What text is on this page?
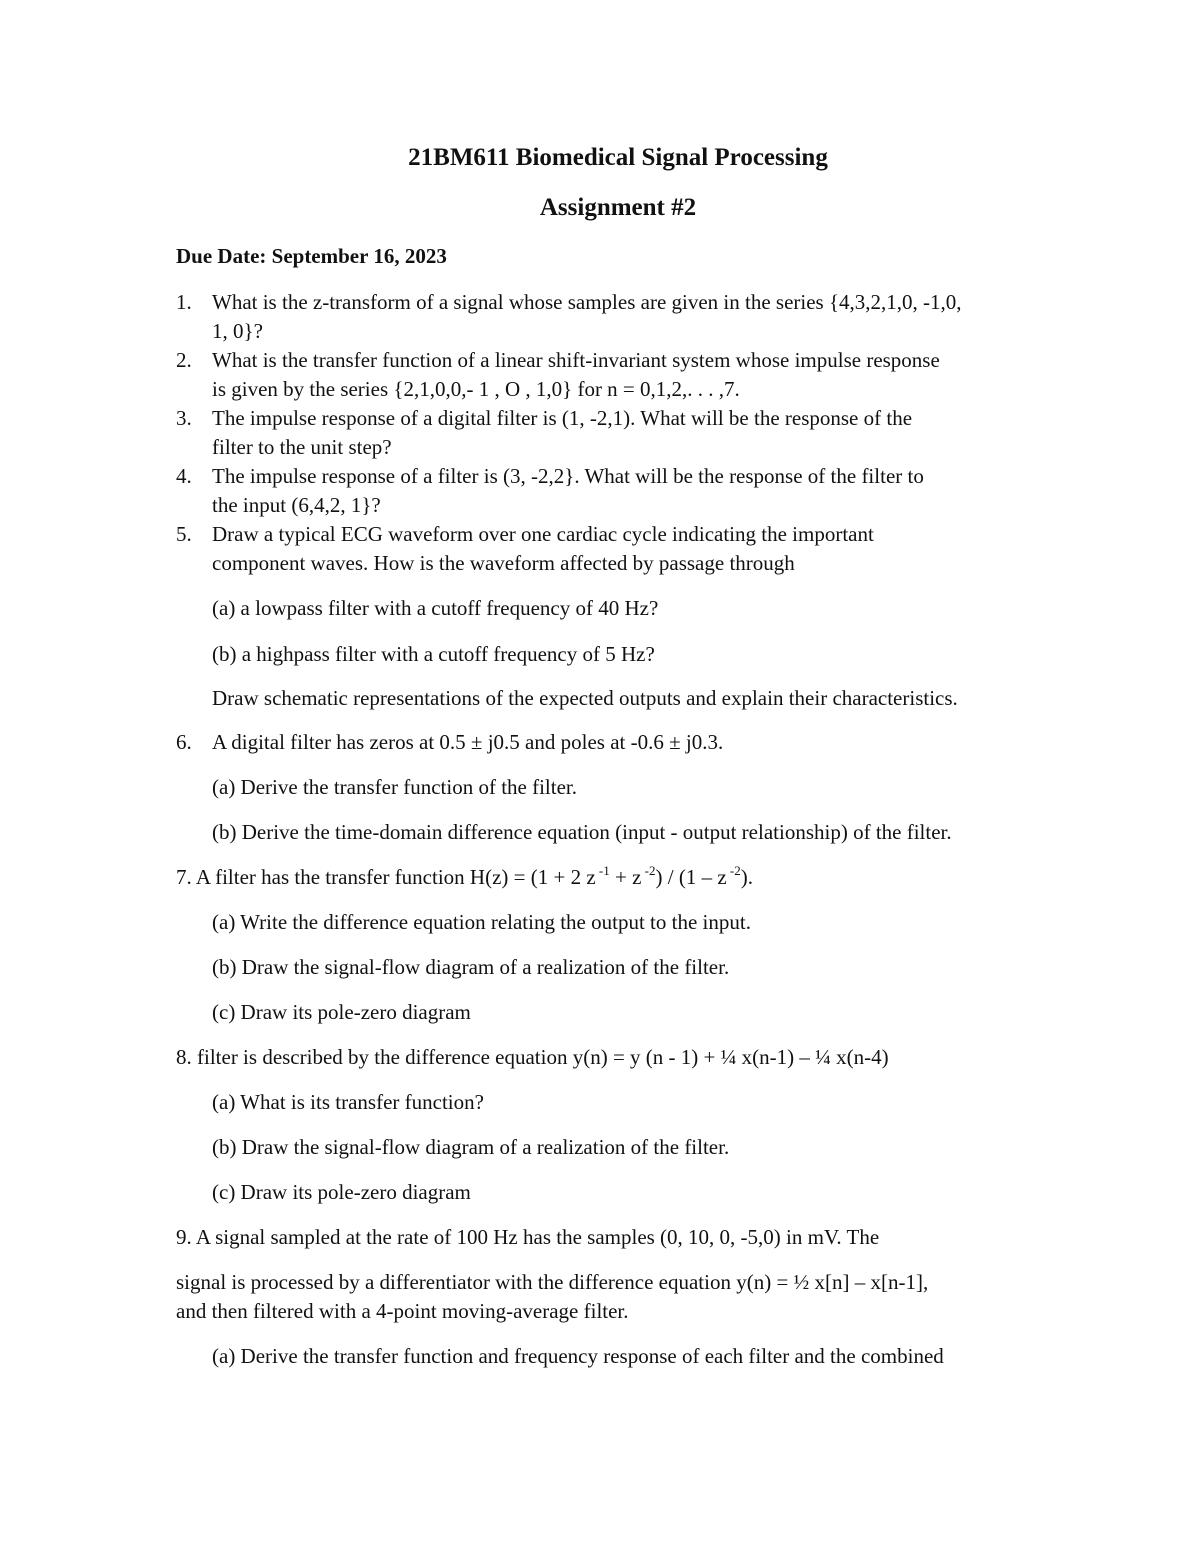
21BM611 Biomedical Signal Processing
Assignment #2
Due Date: September 16, 2023
1. What is the z-transform of a signal whose samples are given in the series {4,3,2,1,0, -1,0,
1, 0}?
2. What is the transfer function of a linear shift-invariant system whose impulse response
is given by the series {2,1,0,0,- 1 , O , 1,0} for n = 0,1,2,. . . ,7.
3. The impulse response of a digital filter is (1, -2,1). What will be the response of the
filter to the unit step?
4. The impulse response of a filter is (3, -2,2}. What will be the response of the filter to
the input (6,4,2, 1}?
5. Draw a typical ECG waveform over one cardiac cycle indicating the important
component waves. How is the waveform affected by passage through
(a) a lowpass filter with a cutoff frequency of 40 Hz?
(b) a highpass filter with a cutoff frequency of 5 Hz?
Draw schematic representations of the expected outputs and explain their characteristics.
6. A digital filter has zeros at 0.5 ± j0.5 and poles at -0.6 ± j0.3.
(a) Derive the transfer function of the filter.
(b) Derive the time-domain difference equation (input - output relationship) of the filter.
7. A filter has the transfer function H(z) = (1 + 2 z $^{-1}$ + z $^{-2}$) / (1 – z $^{-2}$).
(a) Write the difference equation relating the output to the input.
(b) Draw the signal-flow diagram of a realization of the filter.
(c) Draw its pole-zero diagram
8. filter is described by the difference equation y(n) = y (n - 1) + ¼ x(n-1) – ¼ x(n-4)
(a) What is its transfer function?
(b) Draw the signal-flow diagram of a realization of the filter.
(c) Draw its pole-zero diagram
9. A signal sampled at the rate of 100 Hz has the samples (0, 10, 0, -5,0) in mV. The
signal is processed by a differentiator with the difference equation y(n) = ½ x[n] – x[n-1],
and then filtered with a 4-point moving-average filter.
(a) Derive the transfer function and frequency response of each filter and the combined
